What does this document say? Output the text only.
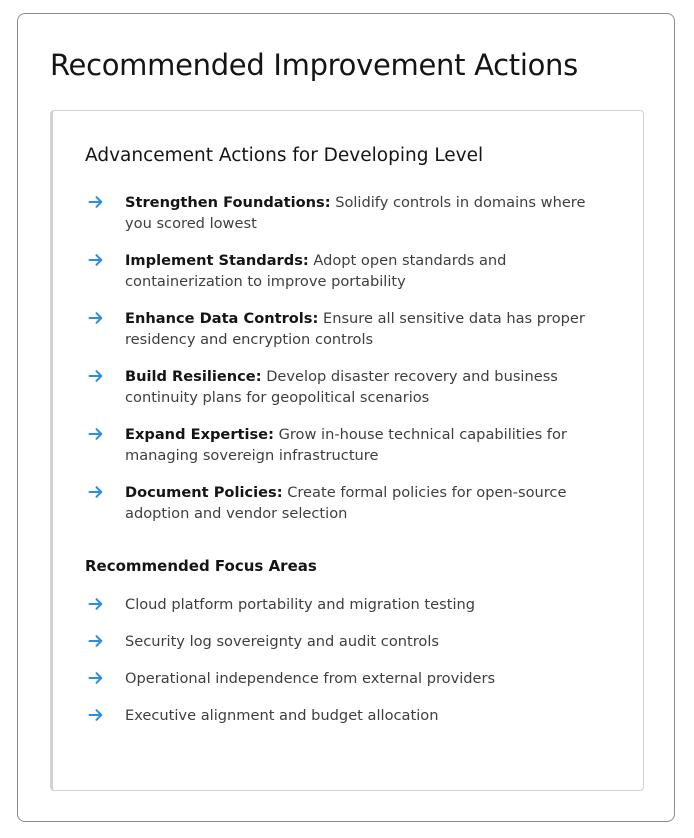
Recommended Improvement Actions
Advancement Actions for Developing Level
Strengthen Foundations: Solidify controls in domains where you scored lowest
Implement Standards: Adopt open standards and containerization to improve portability
Enhance Data Controls: Ensure all sensitive data has proper residency and encryption controls
Build Resilience: Develop disaster recovery and business continuity plans for geopolitical scenarios
Expand Expertise: Grow in-house technical capabilities for managing sovereign infrastructure
Document Policies: Create formal policies for open-source adoption and vendor selection
Recommended Focus Areas
Cloud platform portability and migration testing
Security log sovereignty and audit controls
Operational independence from external providers
Executive alignment and budget allocation
